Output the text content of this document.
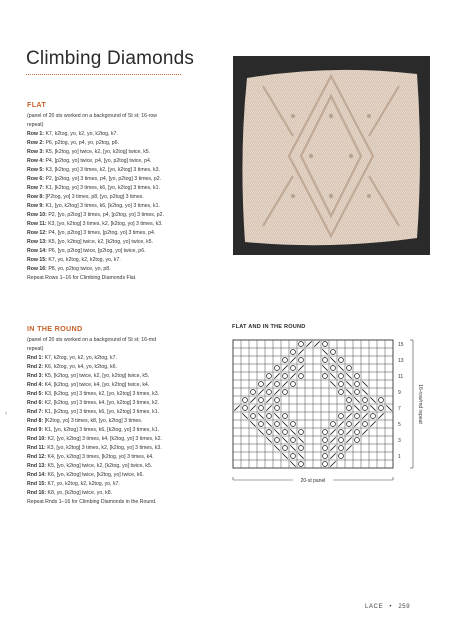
‹
Climbing Diamonds
FLAT

(panel of 20 sts worked on a background of St st; 16-row

repeat)

Row 1: K7, k2tog, yo, k2, yo, k2tog, k7.

Row 2: P6, p2tog, yo, p4, yo, p2tog, p6.

Row 3: K5, [k2tog, yo] twice, k2, [yo, k2tog] twice, k5.

Row 4: P4, [p2tog, yo] twice, p4, [yo, p2tog] twice, p4.

Row 5: K3, [k2tog, yo] 3 times, k2, [yo, k2tog] 3 times, k3.

Row 6: P2, [p2tog, yo] 3 times, p4, [yo, p2tog] 3 times, p2.

Row 7: K1, [k2tog, yo] 3 times, k6, [yo, k2tog] 3 times, k1.

Row 8: [P2tog, yo] 3 times, p8, [yo, p2tog] 3 times.

Row 9: K1, [yo, k2tog] 3 times, k6, [k2tog, yo] 3 times, k1.

Row 10: P2, [yo, p2tog] 3 times, p4, [p2tog, yo] 3 times, p2.

Row 11: K3, [yo, k2tog] 3 times, k2, [k2tog, yo] 3 times, k3.

Row 12: P4, [yo, p2tog] 3 times, [p2tog, yo] 3 times, p4.

Row 13: K5, [yo, k2tog] twice, k2, [k2tog, yo] twice, k5.

Row 14: P6, [yo, p2tog] twice, [p2tog, yo] twice, p6.

Row 15: K7, yo, k2tog, k2, k2tog, yo, k7.

Row 16: P8, yo, p2tog twice, yo, p8.

Repeat Rows 1–16 for Climbing Diamonds Flat.

IN THE ROUND

(panel of 20 sts worked on a background of St st; 16-rnd

repeat)

Rnd 1: K7, k2tog, yo, k2, yo, k2tog, k7.

Rnd 2: K6, k2tog, yo, k4, yo, k2tog, k6.

Rnd 3: K5, [k2tog, yo] twice, k2, [yo, k2tog] twice, k5.

Rnd 4: K4, [k2tog, yo] twice, k4, [yo, k2tog] twice, k4.

Rnd 5: K3, [k2tog, yo] 3 times, k2, [yo, k2tog] 3 times, k3.

Rnd 6: K2, [k2tog, yo] 3 times, k4, [yo, k2tog] 3 times, k2.

Rnd 7: K1, [k2tog, yo] 3 times, k6, [yo, k2tog] 3 times, k1.

Rnd 8: [K2tog, yo] 3 times, k8, [yo, k2tog] 3 times.

Rnd 9: K1, [yo, k2tog] 3 times, k6, [k2tog, yo] 3 times, k1.

Rnd 10: K2, [yo, k2tog] 3 times, k4, [k2tog, yo] 3 times, k2.

Rnd 11: K3, [yo, k2tog] 3 times, k2, [k2tog, yo] 3 times, k3.

Rnd 12: K4, [yo, k2tog] 3 times, [k2tog, yo] 3 times, k4.

Rnd 13: K5, [yo, k2tog] twice, k2, [k2tog, yo] twice, k5.

Rnd 14: K6, [yo, k2tog] twice, [k2tog, yo] twice, k6.

Rnd 15: K7, yo, k2tog, k2, k2tog, yo, k7.

Rnd 16: K8, yo, [k2tog] twice, yo, k8.

Repeat Rnds 1–16 for Climbing Diamonds in the Round.

FLAT AND IN THE ROUND
15
13
11
9
7
5
3
1
16-row/rnd repeat
20-st panel
LACE • 259
